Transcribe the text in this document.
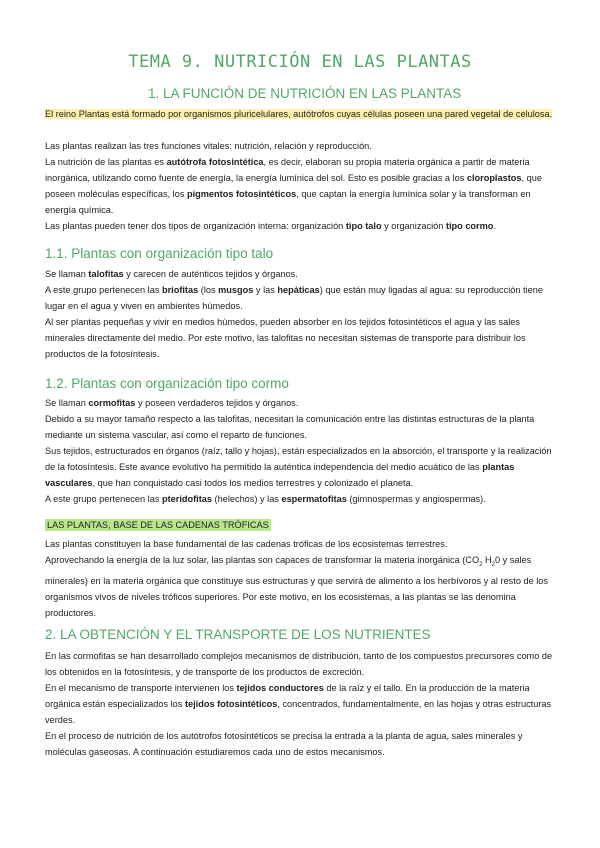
TEMA 9. NUTRICIÓN EN LAS PLANTAS
1. LA FUNCIÓN DE NUTRICIÓN EN LAS PLANTAS

El reino Plantas está formado por organismos pluricelulares, autótrofos cuyas células poseen una pared vegetal de celulosa.

Las plantas realizan las tres funciones vitales: nutrición, relación y reproducción.

La nutrición de las plantas es autótrofa fotosintética, es decir, elaboran su propia materia orgánica a partir de materia inorgánica, utilizando como fuente de energía, la energía lumínica del sol. Esto es posible gracias a los cloroplastos, que poseen moléculas específicas, los pigmentos fotosintéticos, que captan la energía lumínica solar y la transforman en energía química.

Las plantas pueden tener dos tipos de organización interna: organización tipo talo y organización tipo cormo.

1.1. Plantas con organización tipo talo

Se llaman talofitas y carecen de auténticos tejidos y órganos.

A este grupo pertenecen las briofitas (los musgos y las hepáticas) que están muy ligadas al agua: su reproducción tiene lugar en el agua y viven en ambientes húmedos.

Al ser plantas pequeñas y vivir en medios húmedos, pueden absorber en los tejidos fotosintéticos el agua y las sales minerales directamente del medio. Por este motivo, las talofitas no necesitan sistemas de transporte para distribuir los productos de la fotosíntesis.

1.2. Plantas con organización tipo cormo

Se llaman cormofitas y poseen verdaderos tejidos y órganos.

Debido a su mayor tamaño respecto a las talofitas, necesitan la comunicación entre las distintas estructuras de la planta mediante un sistema vascular, así como el reparto de funciones.

Sus tejidos, estructurados en órganos (raíz, tallo y hojas), están especializados en la absorción, el transporte y la realización de la fotosíntesis. Este avance evolutivo ha permitido la auténtica independencia del medio acuático de las plantas vasculares, que han conquistado casi todos los medios terrestres y colonizado el planeta.

A este grupo pertenecen las pteridofitas (helechos) y las espermatofitas (gimnospermas y angiospermas).

LAS PLANTAS, BASE DE LAS CADENAS TRÓFICAS

Las plantas constituyen la base fundamental de las cadenas tróficas de los ecosistemas terrestres.

Aprovechando la energía de la luz solar, las plantas son capaces de transformar la materia inorgánica ($CO_2$ $H_20$ y sales minerales) en la materia orgánica que constituye sus estructuras y que servirá de alimento a los herbívoros y al resto de los organismos vivos de niveles tróficos superiores. Por este motivo, en los ecosistemas, a las plantas se las denomina productores.

2. LA OBTENCIÓN Y EL TRANSPORTE DE LOS NUTRIENTES

En las cormofitas se han desarrollado complejos mecanismos de distribución, tanto de los compuestos precursores como de los obtenidos en la fotosíntesis, y de transporte de los productos de excreción.

En el mecanismo de transporte intervienen los tejidos conductores de la raíz y el tallo. En la producción de la materia orgánica están especializados los tejidos fotosintéticos, concentrados, fundamentalmente, en las hojas y otras estructuras verdes.

En el proceso de nutrición de los autótrofos fotosintéticos se precisa la entrada a la planta de agua, sales minerales y moléculas gaseosas. A continuación estudiaremos cada uno de estos mecanismos.
